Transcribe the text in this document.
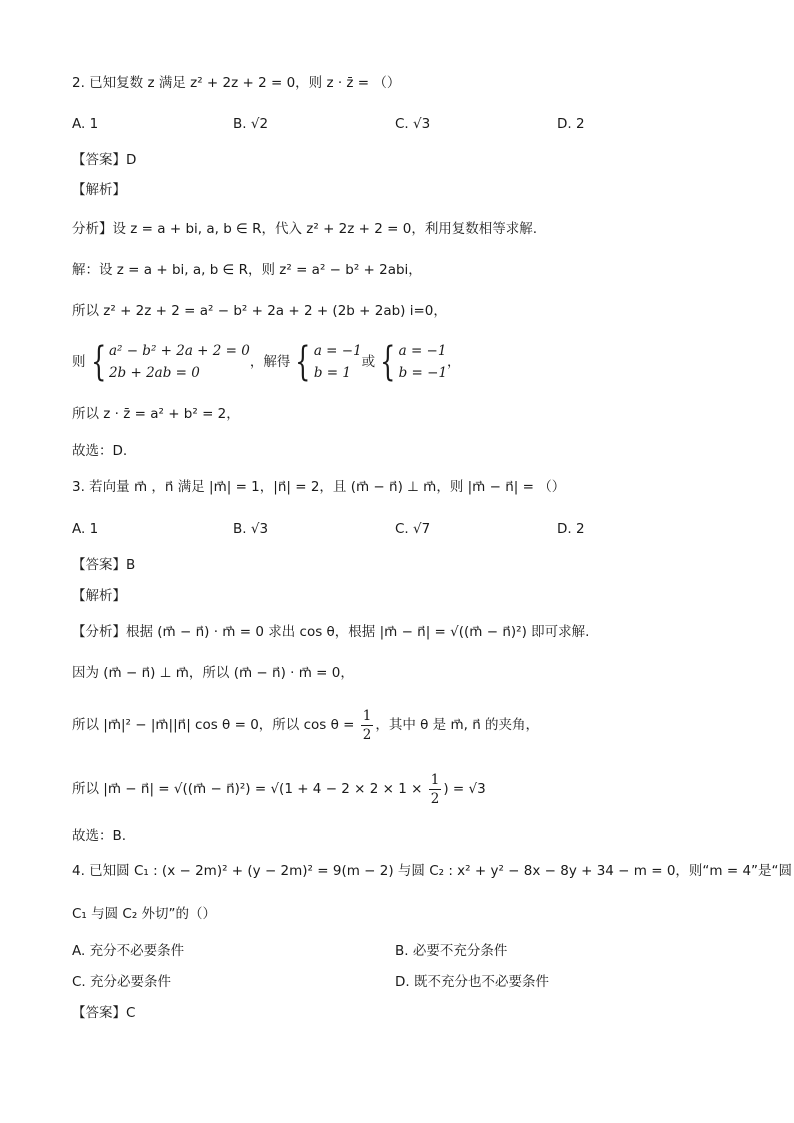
2. 已知复数 z 满足 z² + 2z + 2 = 0，则 z · z̄ = （）
A. 1	B. √2	C. √3	D. 2
【答案】D
【解析】
分析】设 z = a + bi, a, b ∈ R，代入 z² + 2z + 2 = 0，利用复数相等求解.
解：设 z = a + bi, a, b ∈ R，则 z² = a² − b² + 2abi，
所以 z² + 2z + 2 = a² − b² + 2a + 2 + (2b + 2ab) i=0，
则 { a² − b² + 2a + 2 = 0
2b + 2ab = 0
，解得 { a = −1
b = 1
或 { a = −1
b = −1
，
所以 z · z̄ = a² + b² = 2，
故选：D.
3. 若向量 m⃗ ，n⃗ 满足 |m⃗| = 1，|n⃗| = 2，且 (m⃗ − n⃗) ⊥ m⃗，则 |m⃗ − n⃗| = （）
A. 1	B. √3	C. √7	D. 2
【答案】B
【解析】
【分析】根据 (m⃗ − n⃗) · m⃗ = 0 求出 cos θ，根据 |m⃗ − n⃗| = √((m⃗ − n⃗)²) 即可求解.
因为 (m⃗ − n⃗) ⊥ m⃗，所以 (m⃗ − n⃗) · m⃗ = 0，
所以 |m⃗|² − |m⃗||n⃗| cos θ = 0，所以 $\cos \theta = \frac{1}{2}$ ，其中 θ 是 m⃗, n⃗ 的夹角，
所以 |m⃗ − n⃗| = √((m⃗ − n⃗)²) = $√(1 + 4 - 2 \times 2 \times 1 \times \frac{1}{2}$ ) = √3
故选：B.
4. 已知圆 C₁ : (x − 2m)² + (y − 2m)² = 9(m − 2) 与圆 C₂ : x² + y² − 8x − 8y + 34 − m = 0，则“m = 4”是“圆
C₁ 与圆 C₂ 外切”的（）
A. 充分不必要条件	B. 必要不充分条件
C. 充分必要条件	D. 既不充分也不必要条件
【答案】C
